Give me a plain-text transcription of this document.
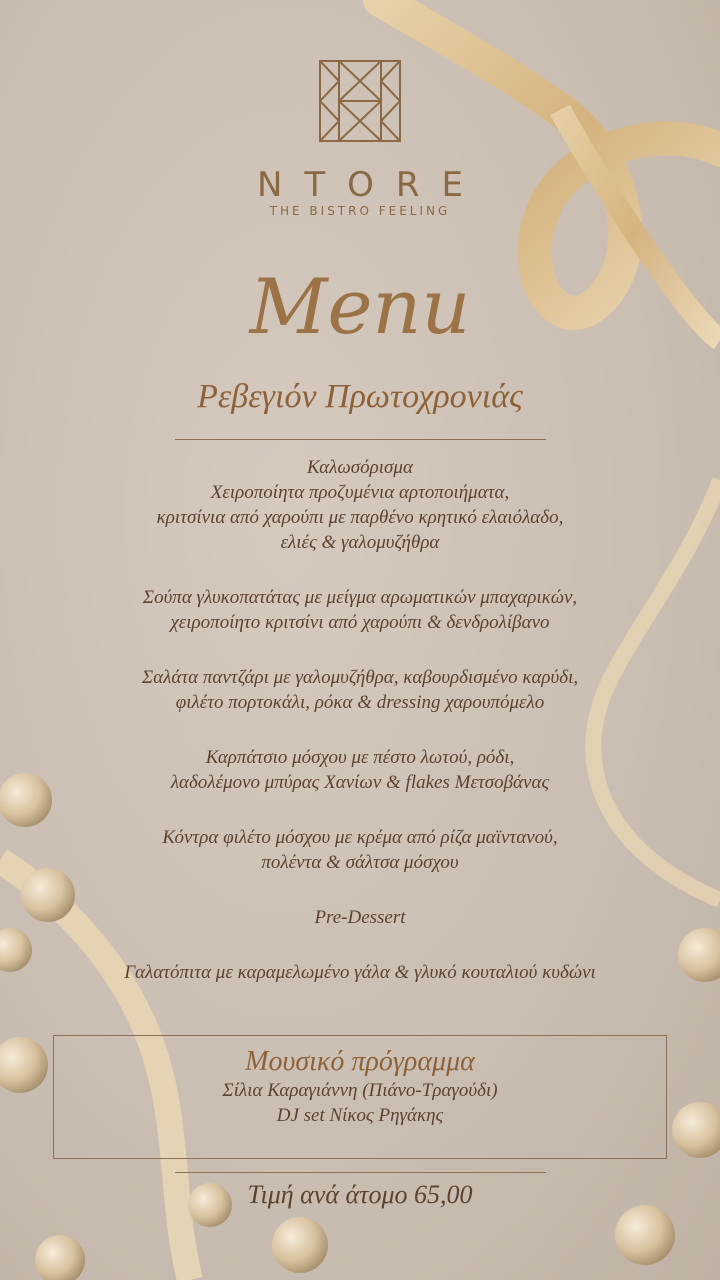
NTORE
THE BISTRO FEELING
Menu
Ρεβεγιόν Πρωτοχρονιάς
Καλωσόρισμα
Χειροποίητα προζυμένια αρτοποιήματα,
κριτσίνια από χαρούπι με παρθένο κρητικό ελαιόλαδο,
ελιές & γαλομυζήθρα
Σούπα γλυκοπατάτας με μείγμα αρωματικών μπαχαρικών,
χειροποίητο κριτσίνι από χαρούπι & δενδρολίβανο
Σαλάτα παντζάρι με γαλομυζήθρα, καβουρδισμένο καρύδι,
φιλέτο πορτοκάλι, ρόκα & dressing χαρουπόμελο
Καρπάτσιο μόσχου με πέστο λωτού, ρόδι,
λαδολέμονο μπύρας Χανίων & flakes Μετσοβάνας
Κόντρα φιλέτο μόσχου με κρέμα από ρίζα μαϊντανού,
πολέντα & σάλτσα μόσχου
Pre-Dessert
Γαλατόπιτα με καραμελωμένο γάλα & γλυκό κουταλιού κυδώνι
Μουσικό πρόγραμμα
Σίλια Καραγιάννη (Πιάνο-Τραγούδι)
DJ set Νίκος Ρηγάκης
Τιμή ανά άτομο 65,00
